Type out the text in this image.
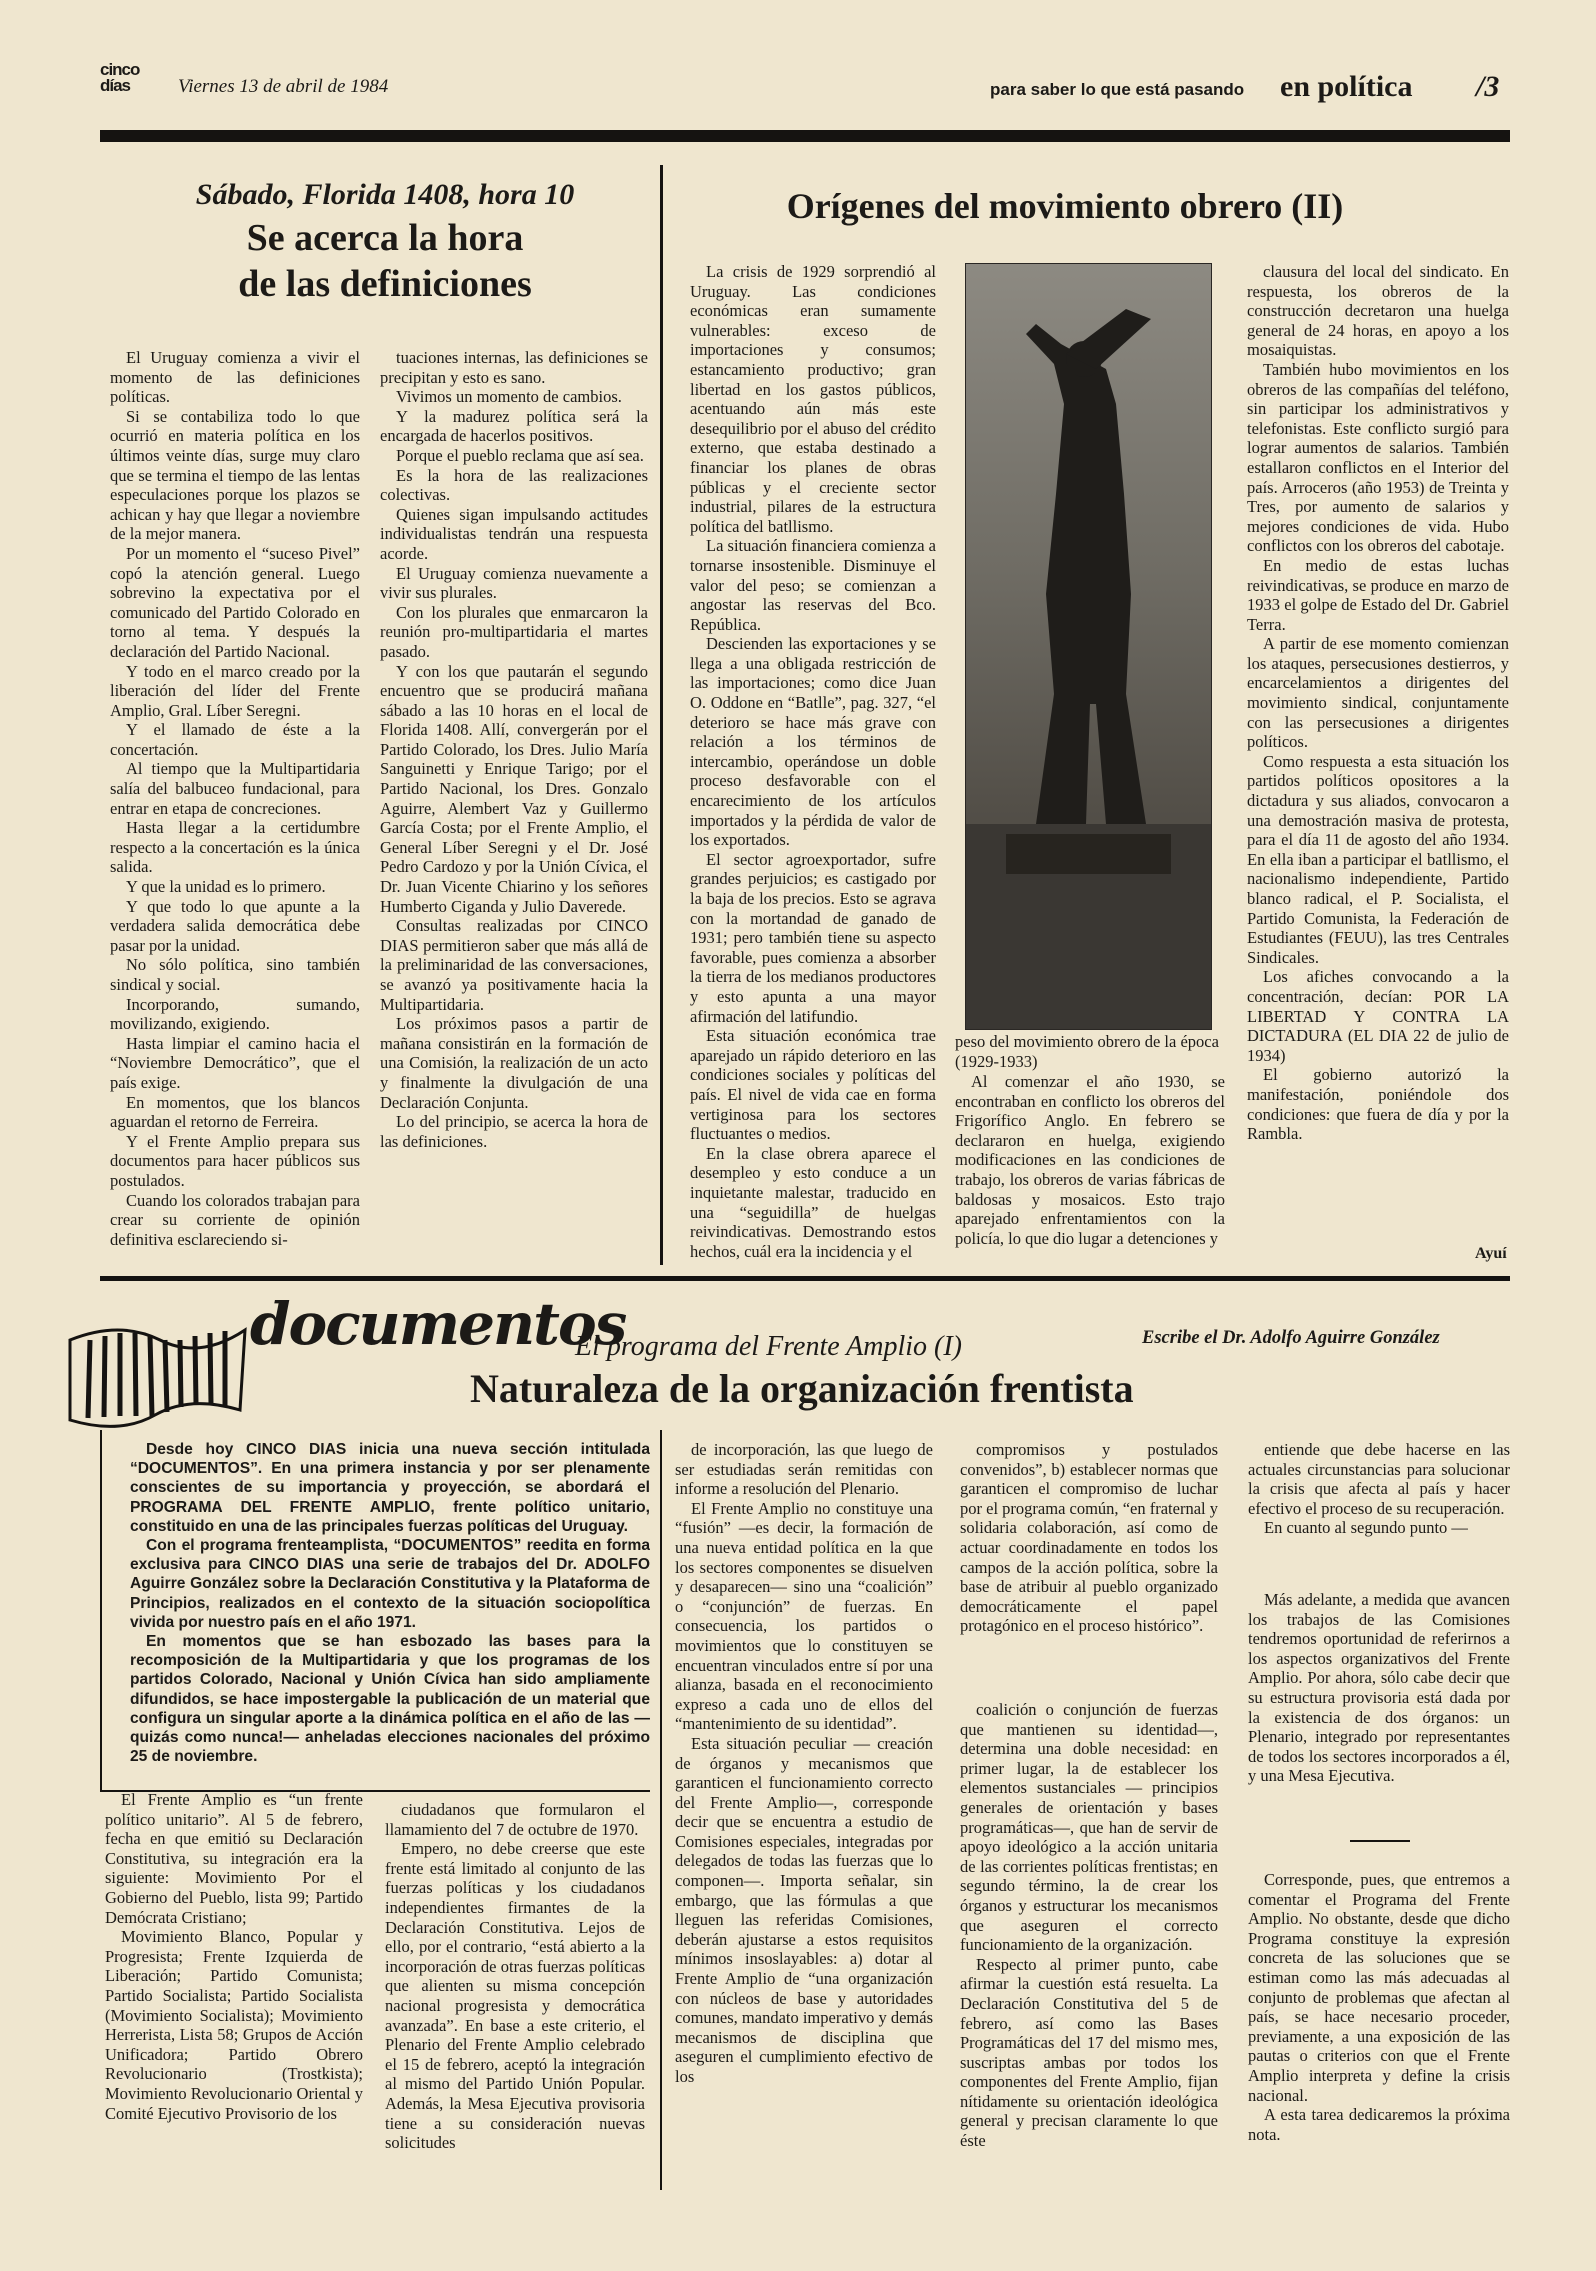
cinco
días	Viernes 13 de abril de 1984	para saber lo que está pasando en política /3
Sábado, Florida 1408, hora 10
Se acerca la hora
de las definiciones

El Uruguay comienza a vivir el momento de las definiciones políticas.

Si se contabiliza todo lo que ocurrió en materia política en los últimos veinte días, surge muy claro que se termina el tiempo de las lentas especulaciones porque los plazos se achican y hay que llegar a noviembre de la mejor manera.

Por un momento el “suceso Pivel” copó la atención general. Luego sobrevino la expectativa por el comunicado del Partido Colorado en torno al tema. Y después la declaración del Partido Nacional.

Y todo en el marco creado por la liberación del líder del Frente Amplio, Gral. Líber Seregni.

Y el llamado de éste a la concertación.

Al tiempo que la Multipartidaria salía del balbuceo fundacional, para entrar en etapa de concreciones.

Hasta llegar a la certidumbre respecto a la concertación es la única salida.

Y que la unidad es lo primero.

Y que todo lo que apunte a la verdadera salida democrática debe pasar por la unidad.

No sólo política, sino también sindical y social.

Incorporando, sumando, movilizando, exigiendo.

Hasta limpiar el camino hacia el “Noviembre Democrático”, que el país exige.

En momentos, que los blancos aguardan el retorno de Ferreira.

Y el Frente Amplio prepara sus documentos para hacer públicos sus postulados.

Cuando los colorados trabajan para crear su corriente de opinión definitiva esclareciendo si-

tuaciones internas, las definiciones se precipitan y esto es sano.

Vivimos un momento de cambios.

Y la madurez política será la encargada de hacerlos positivos.

Porque el pueblo reclama que así sea.

Es la hora de las realizaciones colectivas.

Quienes sigan impulsando actitudes individualistas tendrán una respuesta acorde.

El Uruguay comienza nuevamente a vivir sus plurales.

Con los plurales que enmarcaron la reunión pro-multipartidaria el martes pasado.

Y con los que pautarán el segundo encuentro que se producirá mañana sábado a las 10 horas en el local de Florida 1408. Allí, convergerán por el Partido Colorado, los Dres. Julio María Sanguinetti y Enrique Tarigo; por el Partido Nacional, los Dres. Gonzalo Aguirre, Alembert Vaz y Guillermo García Costa; por el Frente Amplio, el General Líber Seregni y el Dr. José Pedro Cardozo y por la Unión Cívica, el Dr. Juan Vicente Chiarino y los señores Humberto Ciganda y Julio Daverede.

Consultas realizadas por CINCO DIAS permitieron saber que más allá de la preliminaridad de las conversaciones, se avanzó ya positivamente hacia la Multipartidaria.

Los próximos pasos a partir de mañana consistirán en la formación de una Comisión, la realización de un acto y finalmente la divulgación de una Declaración Conjunta.

Lo del principio, se acerca la hora de las definiciones.

Orígenes del movimiento obrero (II)

La crisis de 1929 sorprendió al Uruguay. Las condiciones económicas eran sumamente vulnerables: exceso de importaciones y consumos; estancamiento productivo; gran libertad en los gastos públicos, acentuando aún más este desequilibrio por el abuso del crédito externo, que estaba destinado a financiar los planes de obras públicas y el creciente sector industrial, pilares de la estructura política del batllismo.

La situación financiera comienza a tornarse insostenible. Disminuye el valor del peso; se comienzan a angostar las reservas del Bco. República.

Descienden las exportaciones y se llega a una obligada restricción de las importaciones; como dice Juan O. Oddone en “Batlle”, pag. 327, “el deterioro se hace más grave con relación a los términos de intercambio, operándose un doble proceso desfavorable con el encarecimiento de los artículos importados y la pérdida de valor de los exportados.

El sector agroexportador, sufre grandes perjuicios; es castigado por la baja de los precios. Esto se agrava con la mortandad de ganado de 1931; pero también tiene su aspecto favorable, pues comienza a absorber la tierra de los medianos productores y esto apunta a una mayor afirmación del latifundio.

Esta situación económica trae aparejado un rápido deterioro en las condiciones sociales y políticas del país. El nivel de vida cae en forma vertiginosa para los sectores fluctuantes o medios.

En la clase obrera aparece el desempleo y esto conduce a un inquietante malestar, traducido en una “seguidilla” de huelgas reivindicativas. Demostrando estos hechos, cuál era la incidencia y el

peso del movimiento obrero de la época (1929-1933)

Al comenzar el año 1930, se encontraban en conflicto los obreros del Frigorífico Anglo. En febrero se declararon en huelga, exigiendo modificaciones en las condiciones de trabajo, los obreros de varias fábricas de baldosas y mosaicos. Esto trajo aparejado enfrentamientos con la policía, lo que dio lugar a detenciones y

clausura del local del sindicato. En respuesta, los obreros de la construcción decretaron una huelga general de 24 horas, en apoyo a los mosaiquistas.

También hubo movimientos en los obreros de las compañías del teléfono, sin participar los administrativos y telefonistas. Este conflicto surgió para lograr aumentos de salarios. También estallaron conflictos en el Interior del país. Arroceros (año 1953) de Treinta y Tres, por aumento de salarios y mejores condiciones de vida. Hubo conflictos con los obreros del cabotaje.

En medio de estas luchas reivindicativas, se produce en marzo de 1933 el golpe de Estado del Dr. Gabriel Terra.

A partir de ese momento comienzan los ataques, persecusiones destierros, y encarcelamientos a dirigentes del movimiento sindical, conjuntamente con las persecusiones a dirigentes políticos.

Como respuesta a esta situación los partidos políticos opositores a la dictadura y sus aliados, convocaron a una demostración masiva de protesta, para el día 11 de agosto del año 1934. En ella iban a participar el batllismo, el nacionalismo independiente, Partido blanco radical, el P. Socialista, el Partido Comunista, la Federación de Estudiantes (FEUU), las tres Centrales Sindicales.

Los afiches convocando a la concentración, decían: POR LA LIBERTAD Y CONTRA LA DICTADURA (EL DIA 22 de julio de 1934)

El gobierno autorizó la manifestación, poniéndole dos condiciones: que fuera de día y por la Rambla.

Ayuí
documentos
El programa del Frente Amplio (I)	Escribe el Dr. Adolfo Aguirre González
Naturaleza de la organización frentista

Desde hoy CINCO DIAS inicia una nueva sección intitulada “DOCUMENTOS”. En una primera instancia y por ser plenamente conscientes de su importancia y proyección, se abordará el PROGRAMA DEL FRENTE AMPLIO, frente político unitario, constituido en una de las principales fuerzas políticas del Uruguay.

Con el programa frenteamplista, “DOCUMENTOS” reedita en forma exclusiva para CINCO DIAS una serie de trabajos del Dr. ADOLFO Aguirre González sobre la Declaración Constitutiva y la Plataforma de Principios, realizados en el contexto de la situación sociopolítica vivida por nuestro país en el año 1971.

En momentos que se han esbozado las bases para la recomposición de la Multipartidaria y que los programas de los partidos Colorado, Nacional y Unión Cívica han sido ampliamente difundidos, se hace impostergable la publicación de un material que configura un singular aporte a la dinámica política en el año de las —quizás como nunca!— anheladas elecciones nacionales del próximo 25 de noviembre.

El Frente Amplio es “un frente político unitario”. Al 5 de febrero, fecha en que emitió su Declaración Constitutiva, su integración era la siguiente: Movimiento Por el Gobierno del Pueblo, lista 99; Partido Demócrata Cristiano;

Movimiento Blanco, Popular y Progresista; Frente Izquierda de Liberación; Partido Comunista; Partido Socialista; Partido Socialista (Movimiento Socialista); Movimiento Herrerista, Lista 58; Grupos de Acción Unificadora; Partido Obrero Revolucionario (Trostkista); Movimiento Revolucionario Oriental y Comité Ejecutivo Provisorio de los

ciudadanos que formularon el llamamiento del 7 de octubre de 1970.

Empero, no debe creerse que este frente está limitado al conjunto de las fuerzas políticas y los ciudadanos independientes firmantes de la Declaración Constitutiva. Lejos de ello, por el contrario, “está abierto a la incorporación de otras fuerzas políticas que alienten su misma concepción nacional progresista y democrática avanzada”. En base a este criterio, el Plenario del Frente Amplio celebrado el 15 de febrero, aceptó la integración al mismo del Partido Unión Popular. Además, la Mesa Ejecutiva provisoria tiene a su consideración nuevas solicitudes

de incorporación, las que luego de ser estudiadas serán remitidas con informe a resolución del Plenario.

El Frente Amplio no constituye una “fusión” —es decir, la formación de una nueva entidad política en la que los sectores componentes se disuelven y desaparecen— sino una “coalición” o “conjunción” de fuerzas. En consecuencia, los partidos o movimientos que lo constituyen se encuentran vinculados entre sí por una alianza, basada en el reconocimiento expreso a cada uno de ellos del “mantenimiento de su identidad”.

Esta situación peculiar — creación de órganos y mecanismos que garanticen el funcionamiento correcto del Frente Amplio—, corresponde decir que se encuentra a estudio de Comisiones especiales, integradas por delegados de todas las fuerzas que lo componen—. Importa señalar, sin embargo, que las fórmulas a que lleguen las referidas Comisiones, deberán ajustarse a estos requisitos mínimos insoslayables: a) dotar al Frente Amplio de “una organización con núcleos de base y autoridades comunes, mandato imperativo y demás mecanismos de disciplina que aseguren el cumplimiento efectivo de los

compromisos y postulados convenidos”, b) establecer normas que garanticen el compromiso de luchar por el programa común, “en fraternal y solidaria colaboración, así como de actuar coordinadamente en todos los campos de la acción política, sobre la base de atribuir al pueblo organizado democráticamente el papel protagónico en el proceso histórico”.

coalición o conjunción de fuerzas que mantienen su identidad—, determina una doble necesidad: en primer lugar, la de establecer los elementos sustanciales — principios generales de orientación y bases programáticas—, que han de servir de apoyo ideológico a la acción unitaria de las corrientes políticas frentistas; en segundo término, la de crear los órganos y estructurar los mecanismos que aseguren el correcto funcionamiento de la organización.

Respecto al primer punto, cabe afirmar la cuestión está resuelta. La Declaración Constitutiva del 5 de febrero, así como las Bases Programáticas del 17 del mismo mes, suscriptas ambas por todos los componentes del Frente Amplio, fijan nítidamente su orientación ideológica general y precisan claramente lo que éste

entiende que debe hacerse en las actuales circunstancias para solucionar la crisis que afecta al país y hacer efectivo el proceso de su recuperación.

En cuanto al segundo punto —

Más adelante, a medida que avancen los trabajos de las Comisiones tendremos oportunidad de referirnos a los aspectos organizativos del Frente Amplio. Por ahora, sólo cabe decir que su estructura provisoria está dada por la existencia de dos órganos: un Plenario, integrado por representantes de todos los sectores incorporados a él, y una Mesa Ejecutiva.

Corresponde, pues, que entremos a comentar el Programa del Frente Amplio. No obstante, desde que dicho Programa constituye la expresión concreta de las soluciones que se estiman como las más adecuadas al conjunto de problemas que afectan al país, se hace necesario proceder, previamente, a una exposición de las pautas o criterios con que el Frente Amplio interpreta y define la crisis nacional.

A esta tarea dedicaremos la próxima nota.
